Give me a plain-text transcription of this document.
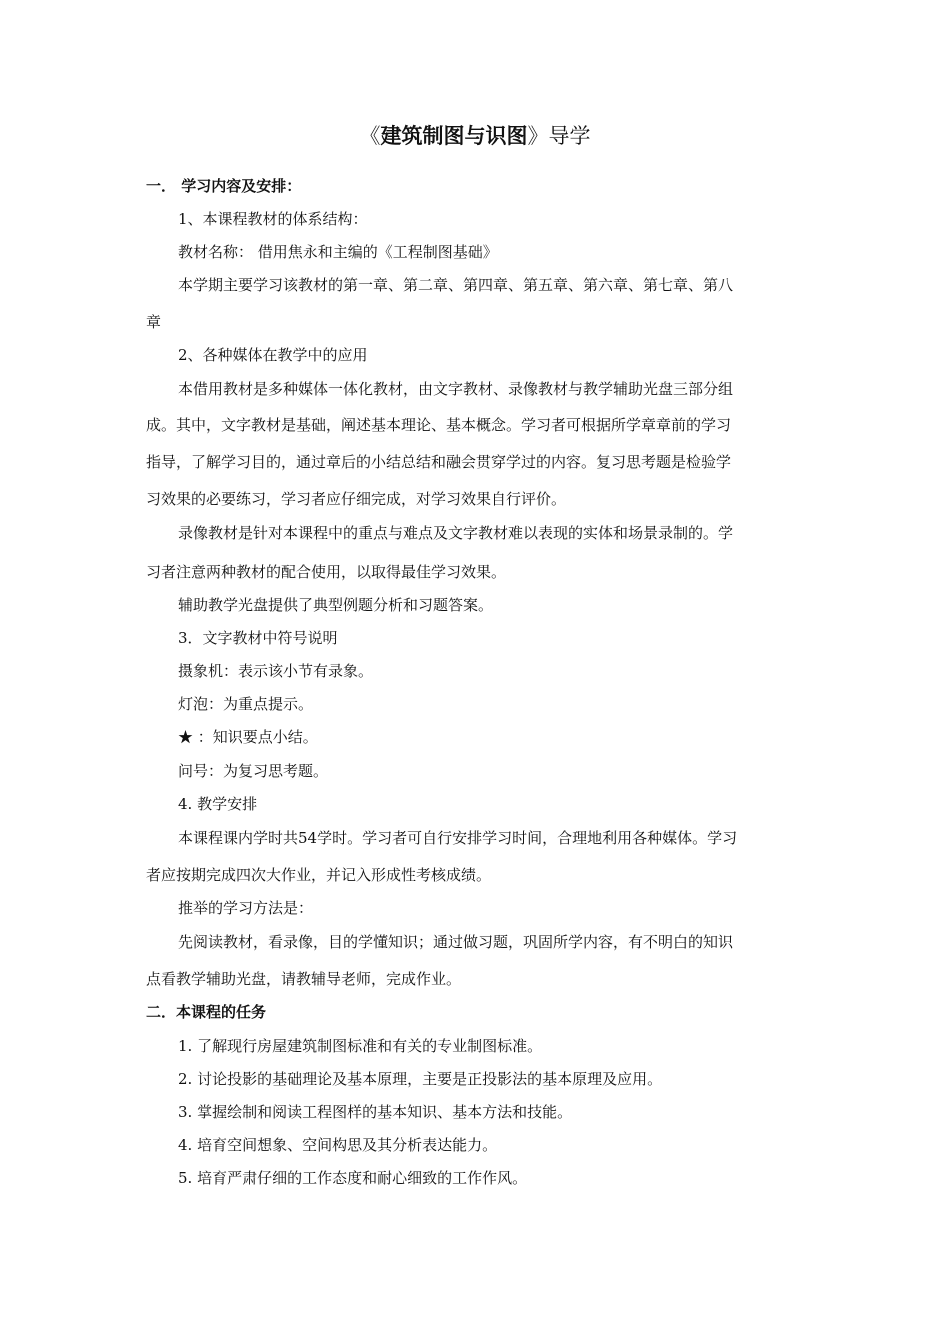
《建筑制图与识图》导学
一． 学习内容及安排：
1、本课程教材的体系结构：
教材名称： 借用焦永和主编的《工程制图基础》
本学期主要学习该教材的第一章、第二章、第四章、第五章、第六章、第七章、第八
章
2、各种媒体在教学中的应用
本借用教材是多种媒体一体化教材，由文字教材、录像教材与教学辅助光盘三部分组
成。其中，文字教材是基础，阐述基本理论、基本概念。学习者可根据所学章章前的学习
指导，了解学习目的，通过章后的小结总结和融会贯穿学过的内容。复习思考题是检验学
习效果的必要练习，学习者应仔细完成，对学习效果自行评价。
录像教材是针对本课程中的重点与难点及文字教材难以表现的实体和场景录制的。学
习者注意两种教材的配合使用，以取得最佳学习效果。
辅助教学光盘提供了典型例题分析和习题答案。
3．文字教材中符号说明
摄象机：表示该小节有录象。
灯泡：为重点提示。
★ ：知识要点小结。
问号：为复习思考题。
4. 教学安排
本课程课内学时共54学时。学习者可自行安排学习时间，合理地利用各种媒体。学习
者应按期完成四次大作业，并记入形成性考核成绩。
推举的学习方法是：
先阅读教材，看录像，目的学懂知识；通过做习题，巩固所学内容，有不明白的知识
点看教学辅助光盘，请教辅导老师，完成作业。
二．本课程的任务
1. 了解现行房屋建筑制图标准和有关的专业制图标准。
2. 讨论投影的基础理论及基本原理，主要是正投影法的基本原理及应用。
3. 掌握绘制和阅读工程图样的基本知识、基本方法和技能。
4. 培育空间想象、空间构思及其分析表达能力。
5. 培育严肃仔细的工作态度和耐心细致的工作作风。
